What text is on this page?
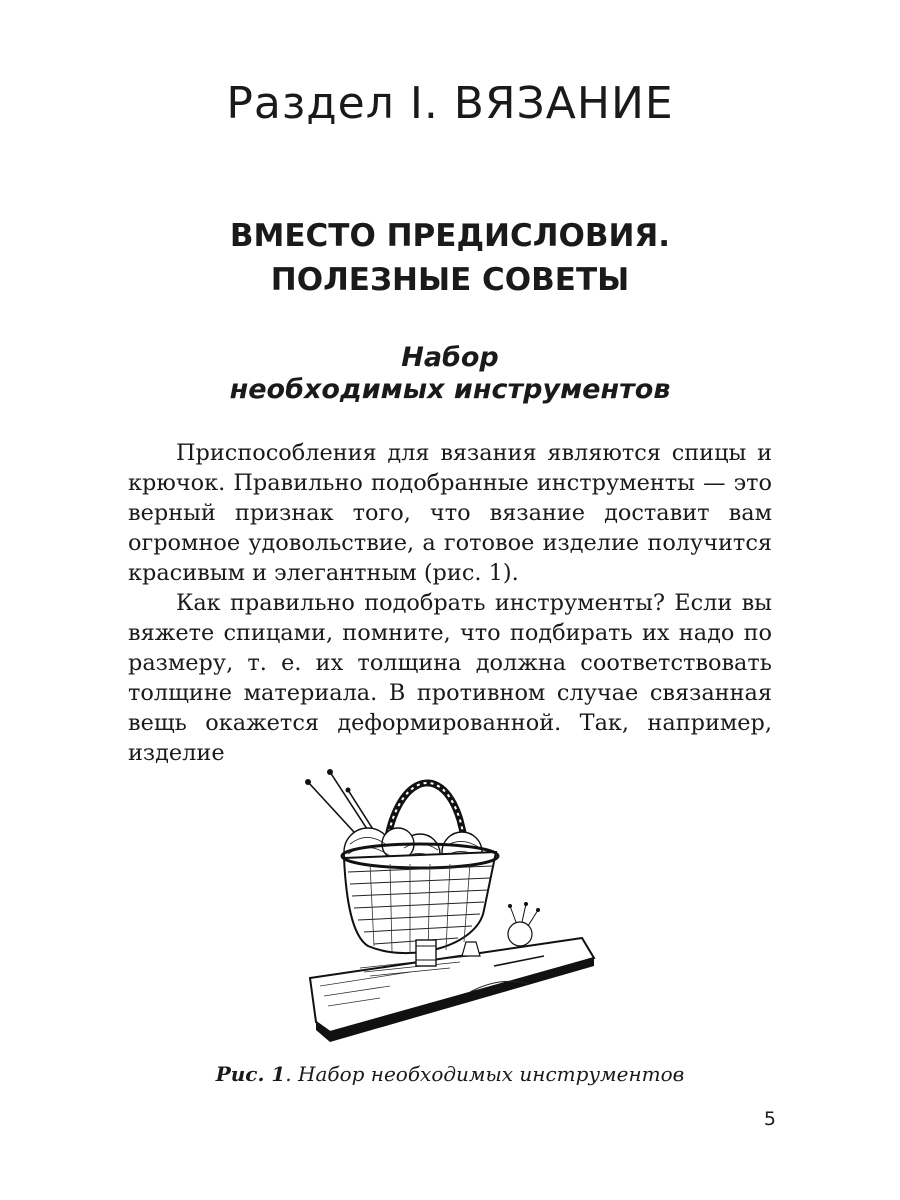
Раздел I. ВЯЗАНИЕ
ВМЕСТО ПРЕДИСЛОВИЯ.
ПОЛЕЗНЫЕ СОВЕТЫ
Набор
необходимых инструментов

Приспособления для вязания являются спицы и крючок. Правильно подобранные инструменты — это верный признак того, что вязание доставит вам огромное удовольствие, а готовое изделие получится красивым и элегантным (рис. 1).

Как правильно подобрать инструменты? Если вы вяжете спицами, помните, что подбирать их надо по размеру, т. е. их толщина должна соответствовать толщине материала. В противном случае связанная вещь окажется деформированной. Так, например, изделие

Рис. 1. Набор необходимых инструментов
5
